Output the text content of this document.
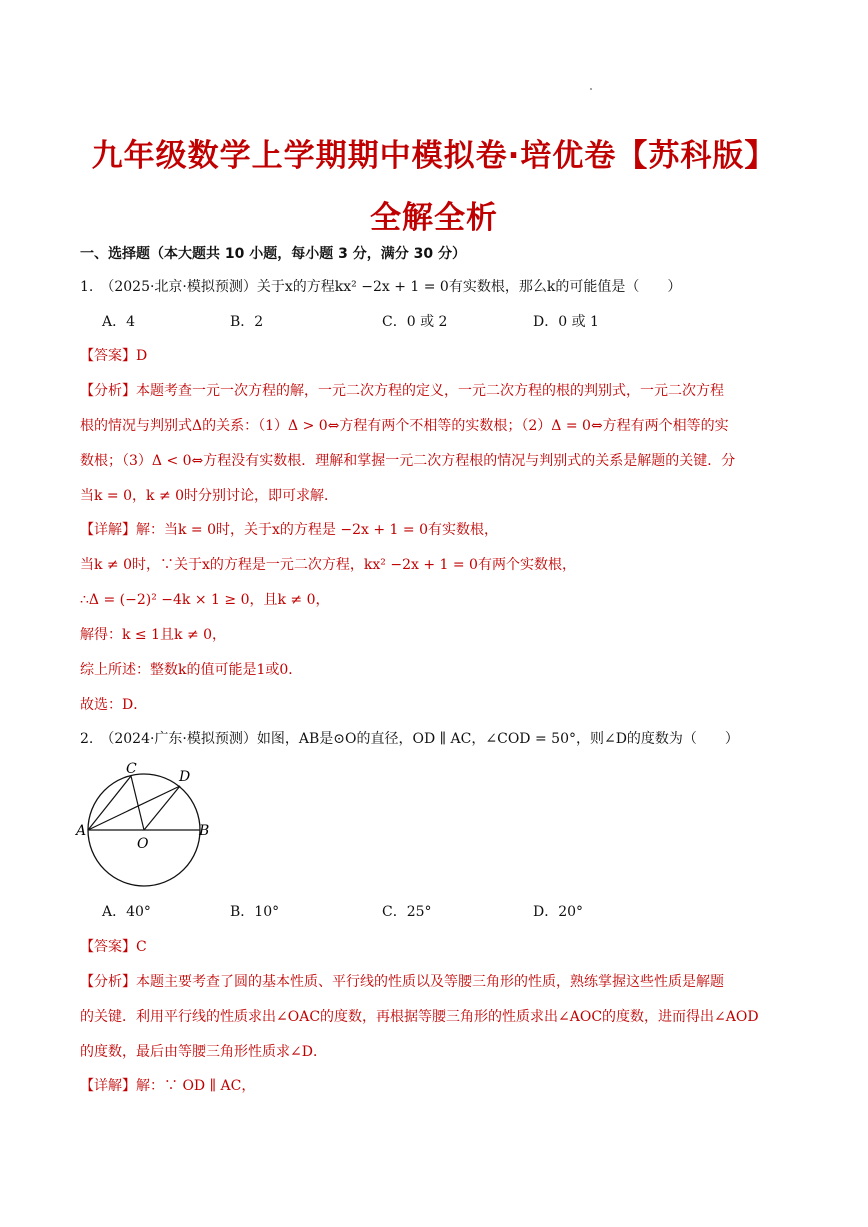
九年级数学上学期期中模拟卷·培优卷【苏科版】
全解全析
一、选择题（本大题共 10 小题，每小题 3 分，满分 30 分）
1.　（2025·北京·模拟预测）关于x的方程kx² −2x + 1 = 0有实数根，那么k的可能值是（　　）
A．4	B．2	C．0 或 2	D．0 或 1
【答案】D
【分析】本题考查一元一次方程的解，一元二次方程的定义，一元二次方程的根的判别式，一元二次方程
根的情况与判别式Δ的关系：（1）Δ > 0⇔方程有两个不相等的实数根；（2）Δ = 0⇔方程有两个相等的实
数根；（3）Δ < 0⇔方程没有实数根．理解和掌握一元二次方程根的情况与判别式的关系是解题的关键．分
当k = 0，k ≠ 0时分别讨论，即可求解．
【详解】解：当k = 0时，关于x的方程是 −2x + 1 = 0有实数根，
当k ≠ 0时，∵关于x的方程是一元二次方程，kx² −2x + 1 = 0有两个实数根，
∴Δ = (−2)² −4k × 1 ≥ 0，且k ≠ 0，
解得：k ≤ 1且k ≠ 0，
综上所述：整数k的值可能是1或0．
故选：D．
2.　（2024·广东·模拟预测）如图，AB是⊙O的直径，OD ∥ AC，∠COD = 50°，则∠D的度数为（　　）
C	D
A	B
O
A．40°	B．10°	C．25°	D．20°
【答案】C
【分析】本题主要考查了圆的基本性质、平行线的性质以及等腰三角形的性质，熟练掌握这些性质是解题
的关键．利用平行线的性质求出∠OAC的度数，再根据等腰三角形的性质求出∠AOC的度数，进而得出∠AOD
的度数，最后由等腰三角形性质求∠D．
【详解】解：∵ OD ∥ AC，
